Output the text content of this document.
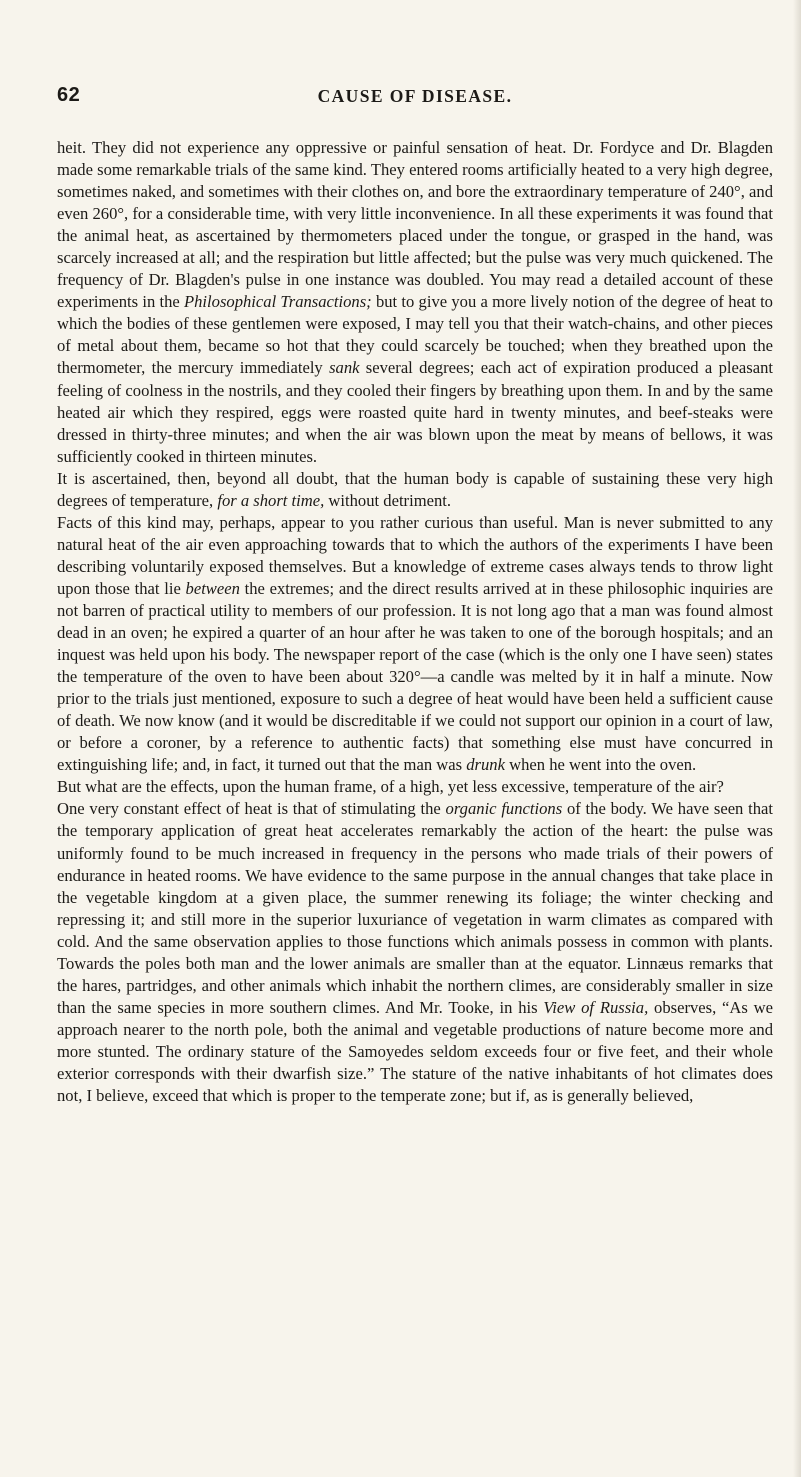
62	CAUSE OF DISEASE.

heit. They did not experience any oppressive or painful sensation of heat. Dr. Fordyce and Dr. Blagden made some remarkable trials of the same kind. They entered rooms artificially heated to a very high degree, sometimes naked, and sometimes with their clothes on, and bore the extraordinary temperature of 240°, and even 260°, for a considerable time, with very little inconvenience. In all these experiments it was found that the animal heat, as ascertained by thermometers placed under the tongue, or grasped in the hand, was scarcely increased at all; and the respiration but little affected; but the pulse was very much quickened. The frequency of Dr. Blagden's pulse in one instance was doubled. You may read a detailed account of these experiments in the Philosophical Transactions; but to give you a more lively notion of the degree of heat to which the bodies of these gentlemen were exposed, I may tell you that their watch-chains, and other pieces of metal about them, became so hot that they could scarcely be touched; when they breathed upon the thermometer, the mercury immediately sank several degrees; each act of expiration produced a pleasant feeling of coolness in the nostrils, and they cooled their fingers by breathing upon them. In and by the same heated air which they respired, eggs were roasted quite hard in twenty minutes, and beef-steaks were dressed in thirty-three minutes; and when the air was blown upon the meat by means of bellows, it was sufficiently cooked in thirteen minutes.

It is ascertained, then, beyond all doubt, that the human body is capable of sustaining these very high degrees of temperature, for a short time, without detriment.

Facts of this kind may, perhaps, appear to you rather curious than useful. Man is never submitted to any natural heat of the air even approaching towards that to which the authors of the experiments I have been describing voluntarily exposed themselves. But a knowledge of extreme cases always tends to throw light upon those that lie between the extremes; and the direct results arrived at in these philosophic inquiries are not barren of practical utility to members of our profession. It is not long ago that a man was found almost dead in an oven; he expired a quarter of an hour after he was taken to one of the borough hospitals; and an inquest was held upon his body. The newspaper report of the case (which is the only one I have seen) states the temperature of the oven to have been about 320°—a candle was melted by it in half a minute. Now prior to the trials just mentioned, exposure to such a degree of heat would have been held a sufficient cause of death. We now know (and it would be discreditable if we could not support our opinion in a court of law, or before a coroner, by a reference to authentic facts) that something else must have concurred in extinguishing life; and, in fact, it turned out that the man was drunk when he went into the oven.

But what are the effects, upon the human frame, of a high, yet less excessive, temperature of the air?

One very constant effect of heat is that of stimulating the organic functions of the body. We have seen that the temporary application of great heat accelerates remarkably the action of the heart: the pulse was uniformly found to be much increased in frequency in the persons who made trials of their powers of endurance in heated rooms. We have evidence to the same purpose in the annual changes that take place in the vegetable kingdom at a given place, the summer renewing its foliage; the winter checking and repressing it; and still more in the superior luxuriance of vegetation in warm climates as compared with cold. And the same observation applies to those functions which animals possess in common with plants. Towards the poles both man and the lower animals are smaller than at the equator. Linnæus remarks that the hares, partridges, and other animals which inhabit the northern climes, are considerably smaller in size than the same species in more southern climes. And Mr. Tooke, in his View of Russia, observes, “As we approach nearer to the north pole, both the animal and vegetable productions of nature become more and more stunted. The ordinary stature of the Samoyedes seldom exceeds four or five feet, and their whole exterior corresponds with their dwarfish size.” The stature of the native inhabitants of hot climates does not, I believe, exceed that which is proper to the temperate zone; but if, as is generally believed,
